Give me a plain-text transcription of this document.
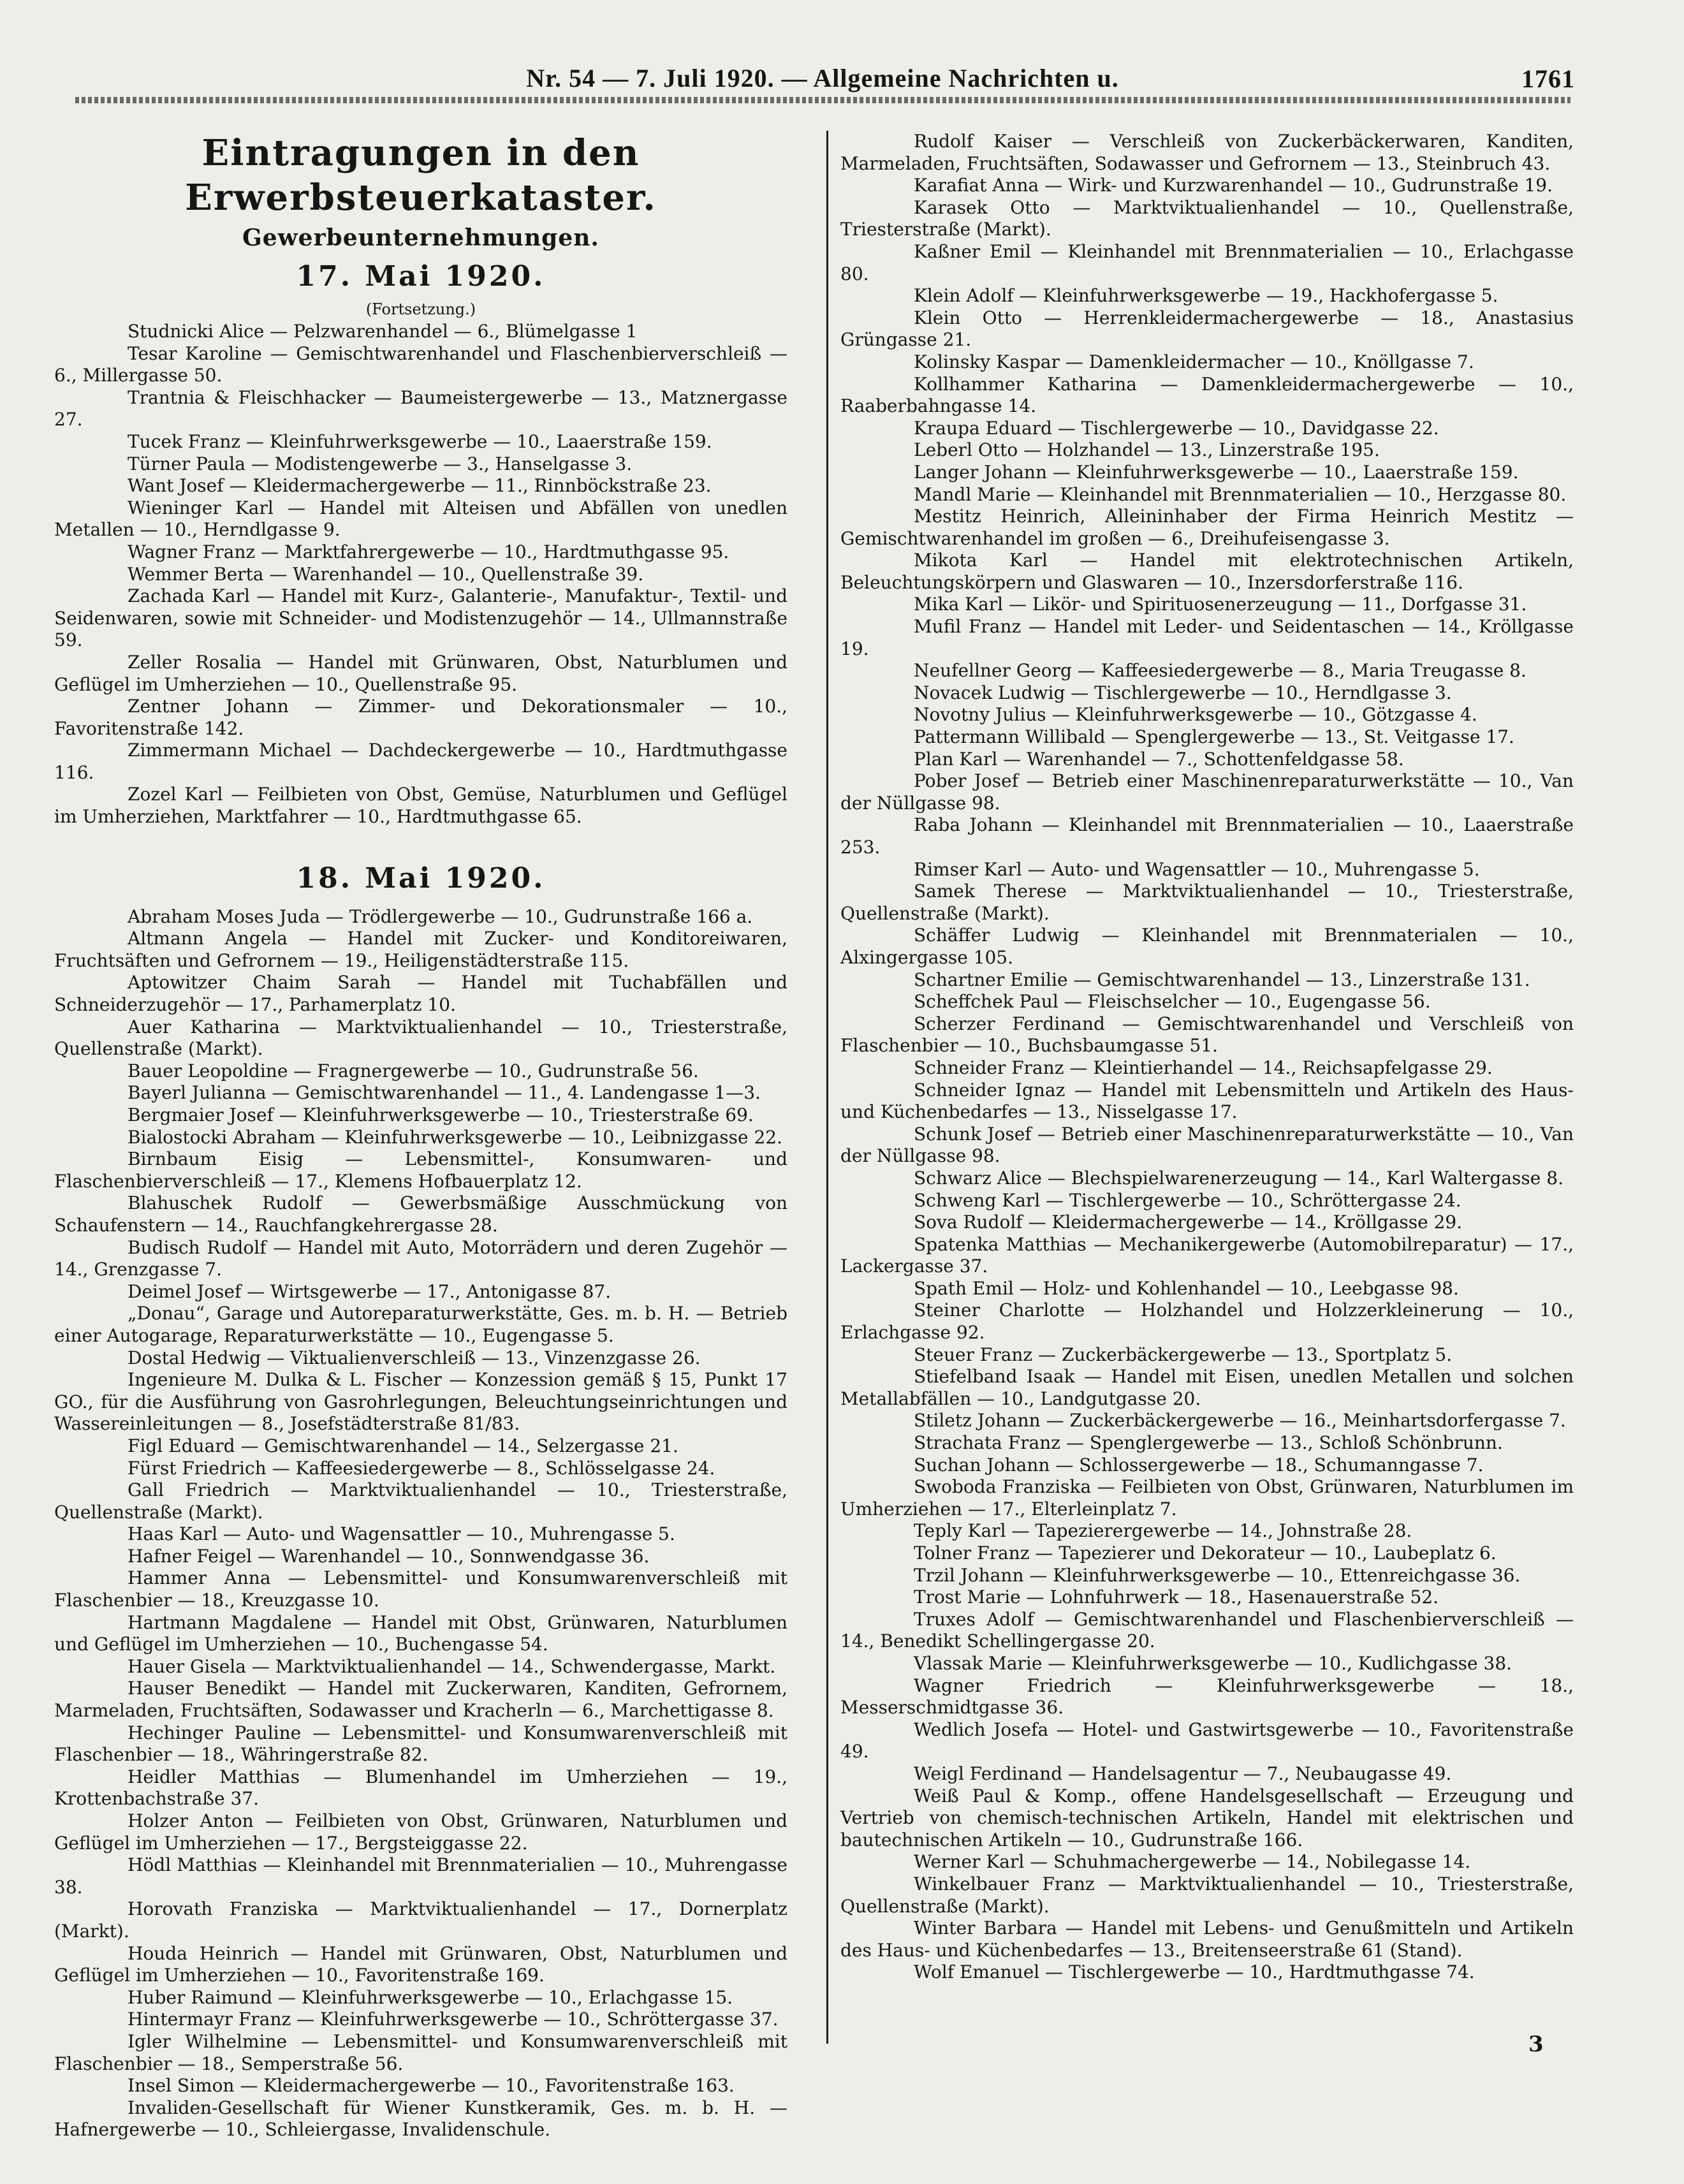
Nr. 54 — 7. Juli 1920. — Allgemeine Nachrichten u.	1761
Eintragungen in den Erwerbsteuerkataster.
Gewerbeunternehmungen.
17. Mai 1920.
(Fortsetzung.)

Studnicki Alice — Pelzwarenhandel — 6., Blümelgasse 1

Tesar Karoline — Gemischtwarenhandel und Flaschenbierverschleiß — 6., Millergasse 50.

Trantnia & Fleischhacker — Baumeistergewerbe — 13., Matznergasse 27.

Tucek Franz — Kleinfuhrwerksgewerbe — 10., Laaerstraße 159.

Türner Paula — Modistengewerbe — 3., Hanselgasse 3.

Want Josef — Kleidermachergewerbe — 11., Rinnböckstraße 23.

Wieninger Karl — Handel mit Alteisen und Abfällen von unedlen Metallen — 10., Herndlgasse 9.

Wagner Franz — Marktfahrergewerbe — 10., Hardtmuthgasse 95.

Wemmer Berta — Warenhandel — 10., Quellenstraße 39.

Zachada Karl — Handel mit Kurz-, Galanterie-, Manufaktur-, Textil- und Seidenwaren, sowie mit Schneider- und Modistenzugehör — 14., Ullmannstraße 59.

Zeller Rosalia — Handel mit Grünwaren, Obst, Naturblumen und Geflügel im Umherziehen — 10., Quellenstraße 95.

Zentner Johann — Zimmer- und Dekorationsmaler — 10., Favoritenstraße 142.

Zimmermann Michael — Dachdeckergewerbe — 10., Hardtmuthgasse 116.

Zozel Karl — Feilbieten von Obst, Gemüse, Naturblumen und Geflügel im Umherziehen, Marktfahrer — 10., Hardtmuthgasse 65.

18. Mai 1920.

Abraham Moses Juda — Trödlergewerbe — 10., Gudrunstraße 166 a.

Altmann Angela — Handel mit Zucker- und Konditoreiwaren, Fruchtsäften und Gefrornem — 19., Heiligenstädterstraße 115.

Aptowitzer Chaim Sarah — Handel mit Tuchabfällen und Schneiderzugehör — 17., Parhamerplatz 10.

Auer Katharina — Marktviktualienhandel — 10., Triesterstraße, Quellenstraße (Markt).

Bauer Leopoldine — Fragnergewerbe — 10., Gudrunstraße 56.

Bayerl Julianna — Gemischtwarenhandel — 11., 4. Landengasse 1—3.

Bergmaier Josef — Kleinfuhrwerksgewerbe — 10., Triesterstraße 69.

Bialostocki Abraham — Kleinfuhrwerksgewerbe — 10., Leibnizgasse 22.

Birnbaum Eisig — Lebensmittel-, Konsumwaren- und Flaschenbierverschleiß — 17., Klemens Hofbauerplatz 12.

Blahuschek Rudolf — Gewerbsmäßige Ausschmückung von Schaufenstern — 14., Rauchfangkehrergasse 28.

Budisch Rudolf — Handel mit Auto, Motorrädern und deren Zugehör — 14., Grenzgasse 7.

Deimel Josef — Wirtsgewerbe — 17., Antonigasse 87.

„Donau“, Garage und Autoreparaturwerkstätte, Ges. m. b. H. — Betrieb einer Autogarage, Reparaturwerkstätte — 10., Eugengasse 5.

Dostal Hedwig — Viktualienverschleiß — 13., Vinzenzgasse 26.

Ingenieure M. Dulka & L. Fischer — Konzession gemäß § 15, Punkt 17 GO., für die Ausführung von Gasrohrlegungen, Beleuchtungseinrichtungen und Wassereinleitungen — 8., Josefstädterstraße 81/83.

Figl Eduard — Gemischtwarenhandel — 14., Selzergasse 21.

Fürst Friedrich — Kaffeesiedergewerbe — 8., Schlösselgasse 24.

Gall Friedrich — Marktviktualienhandel — 10., Triesterstraße, Quellenstraße (Markt).

Haas Karl — Auto- und Wagensattler — 10., Muhrengasse 5.

Hafner Feigel — Warenhandel — 10., Sonnwendgasse 36.

Hammer Anna — Lebensmittel- und Konsumwarenverschleiß mit Flaschenbier — 18., Kreuzgasse 10.

Hartmann Magdalene — Handel mit Obst, Grünwaren, Naturblumen und Geflügel im Umherziehen — 10., Buchengasse 54.

Hauer Gisela — Marktviktualienhandel — 14., Schwendergasse, Markt.

Hauser Benedikt — Handel mit Zuckerwaren, Kanditen, Gefrornem, Marmeladen, Fruchtsäften, Sodawasser und Kracherln — 6., Marchettigasse 8.

Hechinger Pauline — Lebensmittel- und Konsumwarenverschleiß mit Flaschenbier — 18., Währingerstraße 82.

Heidler Matthias — Blumenhandel im Umherziehen — 19., Krottenbachstraße 37.

Holzer Anton — Feilbieten von Obst, Grünwaren, Naturblumen und Geflügel im Umherziehen — 17., Bergsteiggasse 22.

Hödl Matthias — Kleinhandel mit Brennmaterialien — 10., Muhrengasse 38.

Horovath Franziska — Marktviktualienhandel — 17., Dornerplatz (Markt).

Houda Heinrich — Handel mit Grünwaren, Obst, Naturblumen und Geflügel im Umherziehen — 10., Favoritenstraße 169.

Huber Raimund — Kleinfuhrwerksgewerbe — 10., Erlachgasse 15.

Hintermayr Franz — Kleinfuhrwerksgewerbe — 10., Schröttergasse 37.

Igler Wilhelmine — Lebensmittel- und Konsumwarenverschleiß mit Flaschenbier — 18., Semperstraße 56.

Insel Simon — Kleidermachergewerbe — 10., Favoritenstraße 163.

Invaliden-Gesellschaft für Wiener Kunstkeramik, Ges. m. b. H. — Hafnergewerbe — 10., Schleiergasse, Invalidenschule.

Rudolf Kaiser — Verschleiß von Zuckerbäckerwaren, Kanditen, Marmeladen, Fruchtsäften, Sodawasser und Gefrornem — 13., Steinbruch 43.

Karafiat Anna — Wirk- und Kurzwarenhandel — 10., Gudrunstraße 19.

Karasek Otto — Marktviktualienhandel — 10., Quellenstraße, Triesterstraße (Markt).

Kaßner Emil — Kleinhandel mit Brennmaterialien — 10., Erlachgasse 80.

Klein Adolf — Kleinfuhrwerksgewerbe — 19., Hackhofergasse 5.

Klein Otto — Herrenkleidermachergewerbe — 18., Anastasius Grüngasse 21.

Kolinsky Kaspar — Damenkleidermacher — 10., Knöllgasse 7.

Kollhammer Katharina — Damenkleidermachergewerbe — 10., Raaberbahngasse 14.

Kraupa Eduard — Tischlergewerbe — 10., Davidgasse 22.

Leberl Otto — Holzhandel — 13., Linzerstraße 195.

Langer Johann — Kleinfuhrwerksgewerbe — 10., Laaerstraße 159.

Mandl Marie — Kleinhandel mit Brennmaterialien — 10., Herzgasse 80.

Mestitz Heinrich, Alleininhaber der Firma Heinrich Mestitz — Gemischtwarenhandel im großen — 6., Dreihufeisengasse 3.

Mikota Karl — Handel mit elektrotechnischen Artikeln, Beleuchtungskörpern und Glaswaren — 10., Inzersdorferstraße 116.

Mika Karl — Likör- und Spirituosenerzeugung — 11., Dorfgasse 31.

Mufil Franz — Handel mit Leder- und Seidentaschen — 14., Kröllgasse 19.

Neufellner Georg — Kaffeesiedergewerbe — 8., Maria Treugasse 8.

Novacek Ludwig — Tischlergewerbe — 10., Herndlgasse 3.

Novotny Julius — Kleinfuhrwerksgewerbe — 10., Götzgasse 4.

Pattermann Willibald — Spenglergewerbe — 13., St. Veitgasse 17.

Plan Karl — Warenhandel — 7., Schottenfeldgasse 58.

Pober Josef — Betrieb einer Maschinenreparaturwerkstätte — 10., Van der Nüllgasse 98.

Raba Johann — Kleinhandel mit Brennmaterialien — 10., Laaerstraße 253.

Rimser Karl — Auto- und Wagensattler — 10., Muhrengasse 5.

Samek Therese — Marktviktualienhandel — 10., Triesterstraße, Quellenstraße (Markt).

Schäffer Ludwig — Kleinhandel mit Brennmaterialen — 10., Alxingergasse 105.

Schartner Emilie — Gemischtwarenhandel — 13., Linzerstraße 131.

Scheffchek Paul — Fleischselcher — 10., Eugengasse 56.

Scherzer Ferdinand — Gemischtwarenhandel und Verschleiß von Flaschenbier — 10., Buchsbaumgasse 51.

Schneider Franz — Kleintierhandel — 14., Reichsapfelgasse 29.

Schneider Ignaz — Handel mit Lebensmitteln und Artikeln des Haus- und Küchenbedarfes — 13., Nisselgasse 17.

Schunk Josef — Betrieb einer Maschinenreparaturwerkstätte — 10., Van der Nüllgasse 98.

Schwarz Alice — Blechspielwarenerzeugung — 14., Karl Waltergasse 8.

Schweng Karl — Tischlergewerbe — 10., Schröttergasse 24.

Sova Rudolf — Kleidermachergewerbe — 14., Kröllgasse 29.

Spatenka Matthias — Mechanikergewerbe (Automobilreparatur) — 17., Lackergasse 37.

Spath Emil — Holz- und Kohlenhandel — 10., Leebgasse 98.

Steiner Charlotte — Holzhandel und Holzzerkleinerung — 10., Erlachgasse 92.

Steuer Franz — Zuckerbäckergewerbe — 13., Sportplatz 5.

Stiefelband Isaak — Handel mit Eisen, unedlen Metallen und solchen Metallabfällen — 10., Landgutgasse 20.

Stiletz Johann — Zuckerbäckergewerbe — 16., Meinhartsdorfergasse 7.

Strachata Franz — Spenglergewerbe — 13., Schloß Schönbrunn.

Suchan Johann — Schlossergewerbe — 18., Schumanngasse 7.

Swoboda Franziska — Feilbieten von Obst, Grünwaren, Naturblumen im Umherziehen — 17., Elterleinplatz 7.

Teply Karl — Tapezierergewerbe — 14., Johnstraße 28.

Tolner Franz — Tapezierer und Dekorateur — 10., Laubeplatz 6.

Trzil Johann — Kleinfuhrwerksgewerbe — 10., Ettenreichgasse 36.

Trost Marie — Lohnfuhrwerk — 18., Hasenauerstraße 52.

Truxes Adolf — Gemischtwarenhandel und Flaschenbierverschleiß — 14., Benedikt Schellingergasse 20.

Vlassak Marie — Kleinfuhrwerksgewerbe — 10., Kudlichgasse 38.

Wagner Friedrich — Kleinfuhrwerksgewerbe — 18., Messerschmidtgasse 36.

Wedlich Josefa — Hotel- und Gastwirtsgewerbe — 10., Favoritenstraße 49.

Weigl Ferdinand — Handelsagentur — 7., Neubaugasse 49.

Weiß Paul & Komp., offene Handelsgesellschaft — Erzeugung und Vertrieb von chemisch-technischen Artikeln, Handel mit elektrischen und bautechnischen Artikeln — 10., Gudrunstraße 166.

Werner Karl — Schuhmachergewerbe — 14., Nobilegasse 14.

Winkelbauer Franz — Marktviktualienhandel — 10., Triesterstraße, Quellenstraße (Markt).

Winter Barbara — Handel mit Lebens- und Genußmitteln und Artikeln des Haus- und Küchenbedarfes — 13., Breitenseerstraße 61 (Stand).

Wolf Emanuel — Tischlergewerbe — 10., Hardtmuthgasse 74.

3
